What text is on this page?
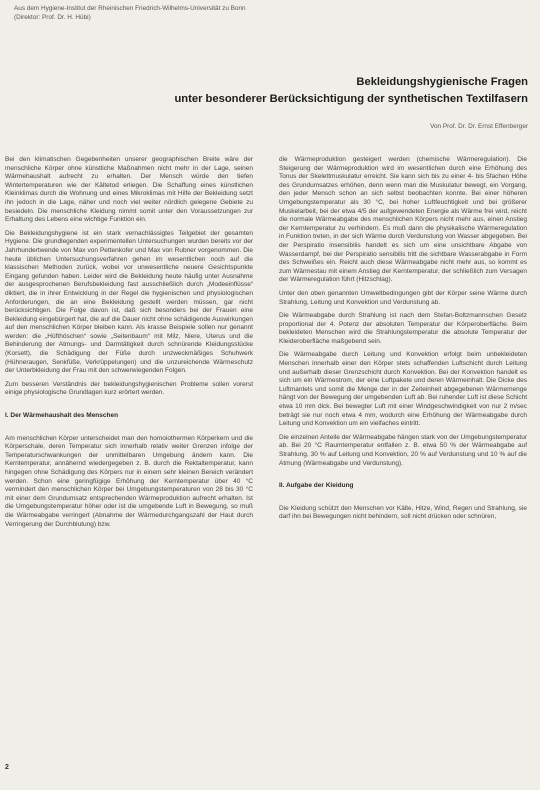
Aus dem Hygiene-Institut der Rheinischen Friedrich-Wilhelms-Universität zu Bonn
(Direktor: Prof. Dr. H. Hübi)
Bekleidungshygienische Fragen
unter besonderer Berücksichtigung der synthetischen Textilfasern
Von Prof. Dr. Dr. Ernst Effenberger

Bei den klimatischen Gegebenheiten unserer geographischen Breite wäre der menschliche Körper ohne künstliche Maßnahmen nicht mehr in der Lage, seinen Wärmehaushalt aufrecht zu erhalten. Der Mensch würde den tiefen Wintertemperaturen wie der Kältetod erliegen. Die Schaffung eines künstlichen Kleinklimas durch die Wohnung und eines Mikroklimas mit Hilfe der Bekleidung setzt ihn jedoch in die Lage, näher und noch viel weiter nördlich gelegene Gebiete zu besiedeln. Die menschliche Kleidung nimmt somit unter den Voraussetzungen zur Erhaltung des Lebens eine wichtige Funktion ein.

Die Bekleidungshygiene ist ein stark vernachlässigtes Teilgebiet der gesamten Hygiene. Die grundlegenden experimentellen Untersuchungen wurden bereits vor der Jahrhundertwende von Max von Pettenkofer und Max von Rubner vorgenommen. Die heute üblichen Untersuchungsverfahren gehen im wesentlichen noch auf die klassischen Methoden zurück, wobei vor unwesentliche neuere Gesichtspunkte Eingang gefunden haben. Leider wird die Bekleidung heute häufig unter Ausnahme der ausgesprochenen Berufsbekleidung fast ausschließlich durch „Modeeinflüsse“ diktiert, die in ihrer Entwicklung in der Regel die hygienischen und physiologischen Anforderungen, die an eine Bekleidung gestellt werden müssen, gar nicht berücksichtigen. Die Folge davon ist, daß sich besonders bei der Frauen eine Bekleidung eingebürgert hat, die auf die Dauer nicht ohne schädigende Auswirkungen auf den menschlichen Körper bleiben kann. Als krasse Beispiele sollen nur genannt werden: die „Hüfthöschen“ sowie „Seitenbaum“ mit Milz, Niere, Uterus und die Behinderung der Atmungs- und Darmtätigkeit durch schnürende Kleidungsstücke (Korsett), die Schädigung der Füße durch unzweckmäßiges Schuhwerk (Hühneraugen, Senkfüße, Verkrüppelungen) und die unzureichende Wärmeschutz der Unterbkleidung der Frau mit den schwerwiegenden Folgen.

Zum besseren Verständnis der bekleidungshygienischen Probleme sollen vorerst einige physiologische Grundlagen kurz erörtert werden.

I. Der Wärmehaushalt des Menschen

Am menschlichen Körper unterscheidet man den homoiothermen Körperkern und die Körperschale, deren Temperatur sich innerhalb relativ weiter Grenzen infolge der Temperaturschwankungen der unmittelbaren Umgebung ändern kann. Die Kerntemperatur, annähernd wiedergegeben z. B. durch die Rektaltemperatur, kann hingegen ohne Schädigung des Körpers nur in einem sehr kleinen Bereich verändert werden. Schon eine geringfügige Erhöhung der Kerntemperatur über 40 °C vermindert den menschlichen Körper bei Umgebungstemperaturen von 28 bis 30 °C mit einer dem Grundumsatz entsprechenden Wärmeproduktion aufrecht erhalten. Ist die Umgebungstemperatur höher oder ist die umgebende Luft in Bewegung, so muß die Wärmeabgabe verringert (Abnahme der Wärmedurchgangszahl der Haut durch Verringerung der Durchblutung) bzw.

die Wärmeproduktion gesteigert werden (chemische Wärmeregulation). Die Steigerung der Wärmeproduktion wird im wesentlichen durch eine Erhöhung des Tonus der Skelettmuskulatur erreicht. Sie kann sich bis zu einer 4- bis 5fachen Höhe des Grundumsatzes erhöhen, denn wenn man die Muskulatur bewegt, ein Vorgang, den jeder Mensch schon an sich selbst beobachten konnte. Bei einer höheren Umgebungstemperatur als 30 °C, bei hoher Luftfeuchtigkeit und bei größerer Muskelarbeit, bei der etwa 4/5 der aufgewendeten Energie als Wärme frei wird, reicht die normale Wärmeabgabe des menschlichen Körpers nicht mehr aus, einen Anstieg der Kerntemperatur zu verhindern. Es muß dann die physikalische Wärmeregulation in Funktion treten, in der sich Wärme durch Verdunstung von Wasser abgegeben. Bei der Perspiratio insensibilis handelt es sich um eine unsichtbare Abgabe von Wasserdampf, bei der Perspiratio sensibilis tritt die sichtbare Wasserabgabe in Form des Schweißes ein. Reicht auch diese Wärmeabgabe nicht mehr aus, so kommt es zum Wärmestau mit einem Anstieg der Kerntemperatur, der schließlich zum Versagen der Wärmeregulation führt (Hitzschlag).

Unter den oben genannten Umweltbedingungen gibt der Körper seine Wärme durch Strahlung, Leitung und Konvektion und Verdunstung ab.

Die Wärmeabgabe durch Strahlung ist nach dem Stefan-Boltzmannschen Gesetz proportional der 4. Potenz der absoluten Temperatur der Körperoberfläche. Beim bekleideten Menschen wird die Strahlungstemperatur die absolute Temperatur der Kleideroberfläche maßgebend sein.

Die Wärmeabgabe durch Leitung und Konvektion erfolgt beim unbekleideten Menschen innerhalb einer den Körper stets schaffenden Luftschicht durch Leitung und außerhalb dieser Grenzschicht durch Konvektion. Bei der Konvektion handelt es sich um ein Wärmestrom, der eine Luftpakete und deren Wärmeinhalt. Die Dicke des Luftmantels und somit die Menge der in der Zeiteinheit abgegebenen Wärmemenge hängt von der Bewegung der umgebenden Luft ab. Bei ruhender Luft ist diese Schicht etwa 10 mm dick. Bei bewegter Luft mit einer Windgeschwindigkeit von nur 2 m/sec beträgt sie nur noch etwa 4 mm, wodurch eine Erhöhung der Wärmeabgabe durch Leitung und Konvektion um ein vielfaches eintritt.

Die einzelnen Anteile der Wärmeabgabe hängen stark von der Umgebungstemperatur ab. Bei 20 °C Raumtemperatur entfallen z. B. etwa 50 % der Wärmeabgabe auf Strahlung, 30 % auf Leitung und Konvektion, 20 % auf Verdunstung und 10 % auf die Atmung (Wärmeabgabe und Verdunstung).

II. Aufgabe der Kleidung

Die Kleidung schützt den Menschen vor Kälte, Hitze, Wind, Regen und Strahlung, sie darf ihn bei Bewegungen nicht behindern, soll nicht drücken oder schnüren,

2
